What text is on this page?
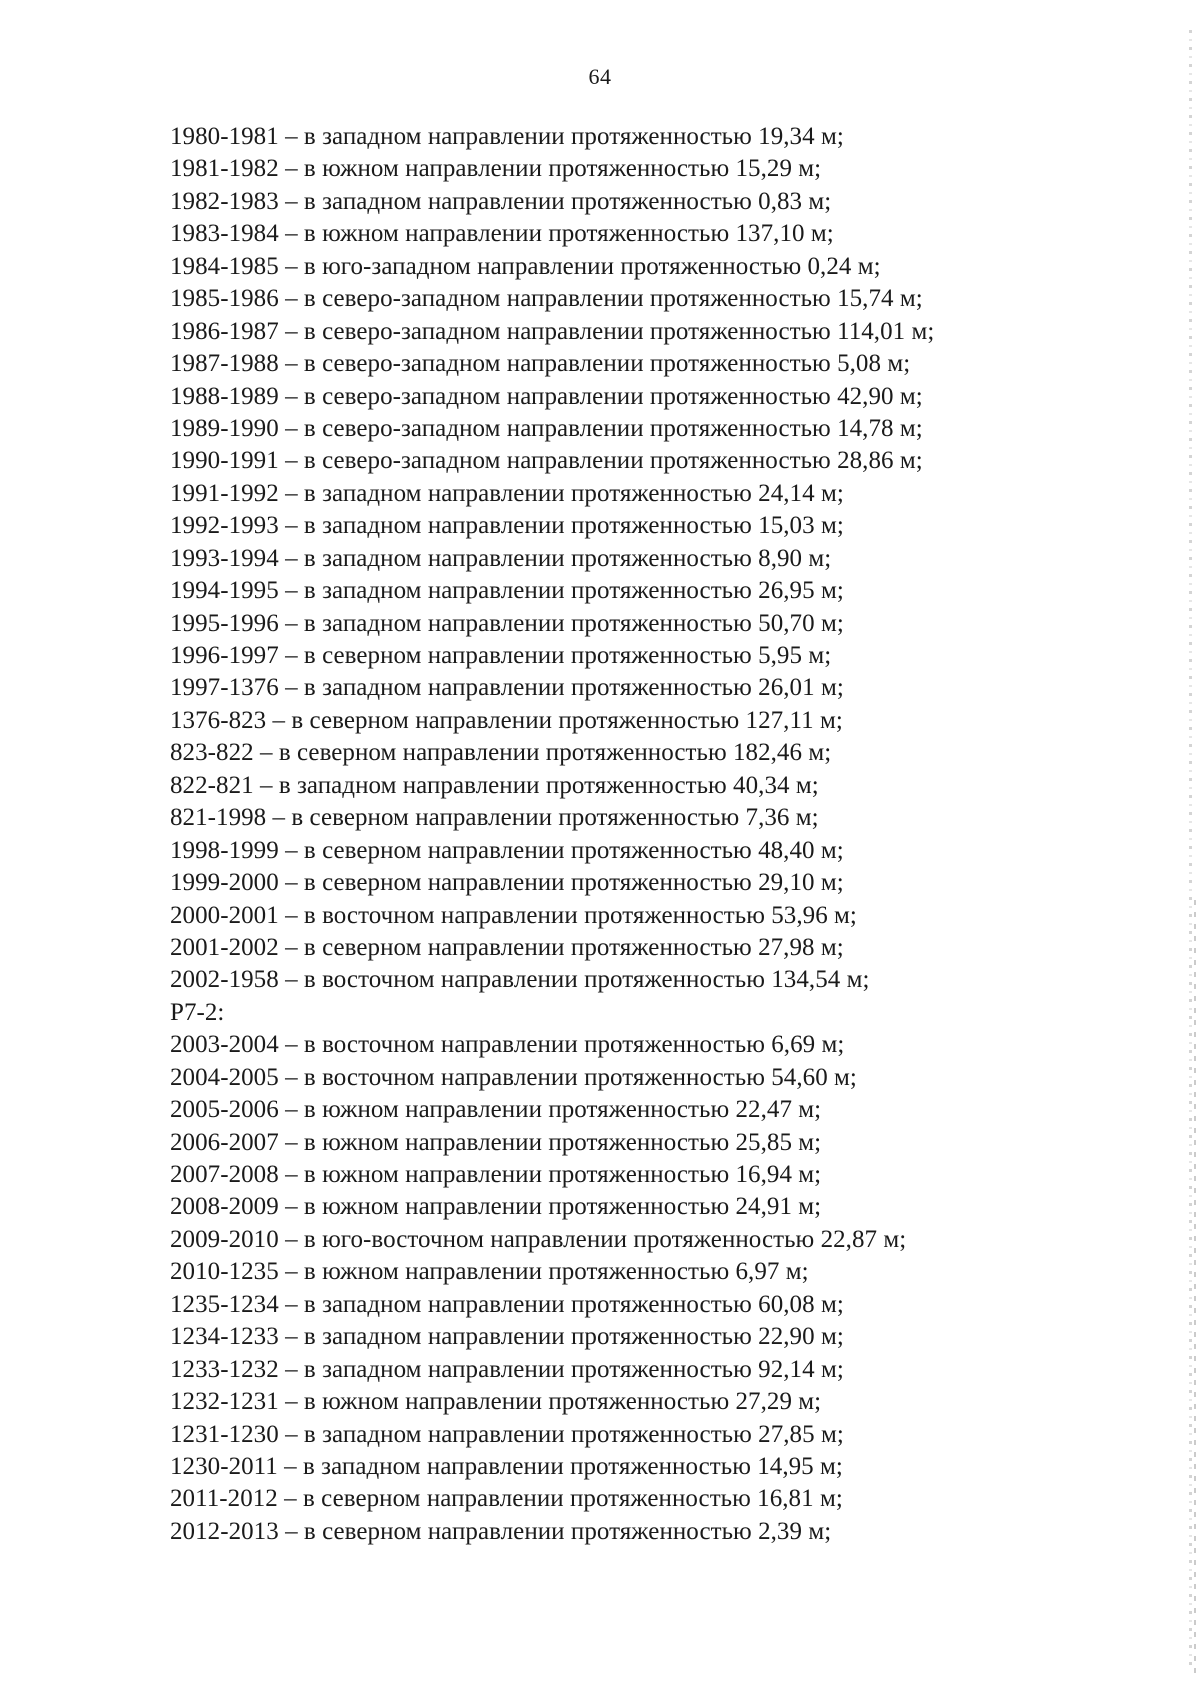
64
1980-1981 – в западном направлении протяженностью 19,34 м;
1981-1982 – в южном направлении протяженностью 15,29 м;
1982-1983 – в западном направлении протяженностью 0,83 м;
1983-1984 – в южном направлении протяженностью 137,10 м;
1984-1985 – в юго-западном направлении протяженностью 0,24 м;
1985-1986 – в северо-западном направлении протяженностью 15,74 м;
1986-1987 – в северо-западном направлении протяженностью 114,01 м;
1987-1988 – в северо-западном направлении протяженностью 5,08 м;
1988-1989 – в северо-западном направлении протяженностью 42,90 м;
1989-1990 – в северо-западном направлении протяженностью 14,78 м;
1990-1991 – в северо-западном направлении протяженностью 28,86 м;
1991-1992 – в западном направлении протяженностью 24,14 м;
1992-1993 – в западном направлении протяженностью 15,03 м;
1993-1994 – в западном направлении протяженностью 8,90 м;
1994-1995 – в западном направлении протяженностью 26,95 м;
1995-1996 – в западном направлении протяженностью 50,70 м;
1996-1997 – в северном направлении протяженностью 5,95 м;
1997-1376 – в западном направлении протяженностью 26,01 м;
1376-823 – в северном направлении протяженностью 127,11 м;
823-822 – в северном направлении протяженностью 182,46 м;
822-821 – в западном направлении протяженностью 40,34 м;
821-1998 – в северном направлении протяженностью 7,36 м;
1998-1999 – в северном направлении протяженностью 48,40 м;
1999-2000 – в северном направлении протяженностью 29,10 м;
2000-2001 – в восточном направлении протяженностью 53,96 м;
2001-2002 – в северном направлении протяженностью 27,98 м;
2002-1958 – в восточном направлении протяженностью 134,54 м;
Р7-2:
2003-2004 – в восточном направлении протяженностью 6,69 м;
2004-2005 – в восточном направлении протяженностью 54,60 м;
2005-2006 – в южном направлении протяженностью 22,47 м;
2006-2007 – в южном направлении протяженностью 25,85 м;
2007-2008 – в южном направлении протяженностью 16,94 м;
2008-2009 – в южном направлении протяженностью 24,91 м;
2009-2010 – в юго-восточном направлении протяженностью 22,87 м;
2010-1235 – в южном направлении протяженностью 6,97 м;
1235-1234 – в западном направлении протяженностью 60,08 м;
1234-1233 – в западном направлении протяженностью 22,90 м;
1233-1232 – в западном направлении протяженностью 92,14 м;
1232-1231 – в южном направлении протяженностью 27,29 м;
1231-1230 – в западном направлении протяженностью 27,85 м;
1230-2011 – в западном направлении протяженностью 14,95 м;
2011-2012 – в северном направлении протяженностью 16,81 м;
2012-2013 – в северном направлении протяженностью 2,39 м;
